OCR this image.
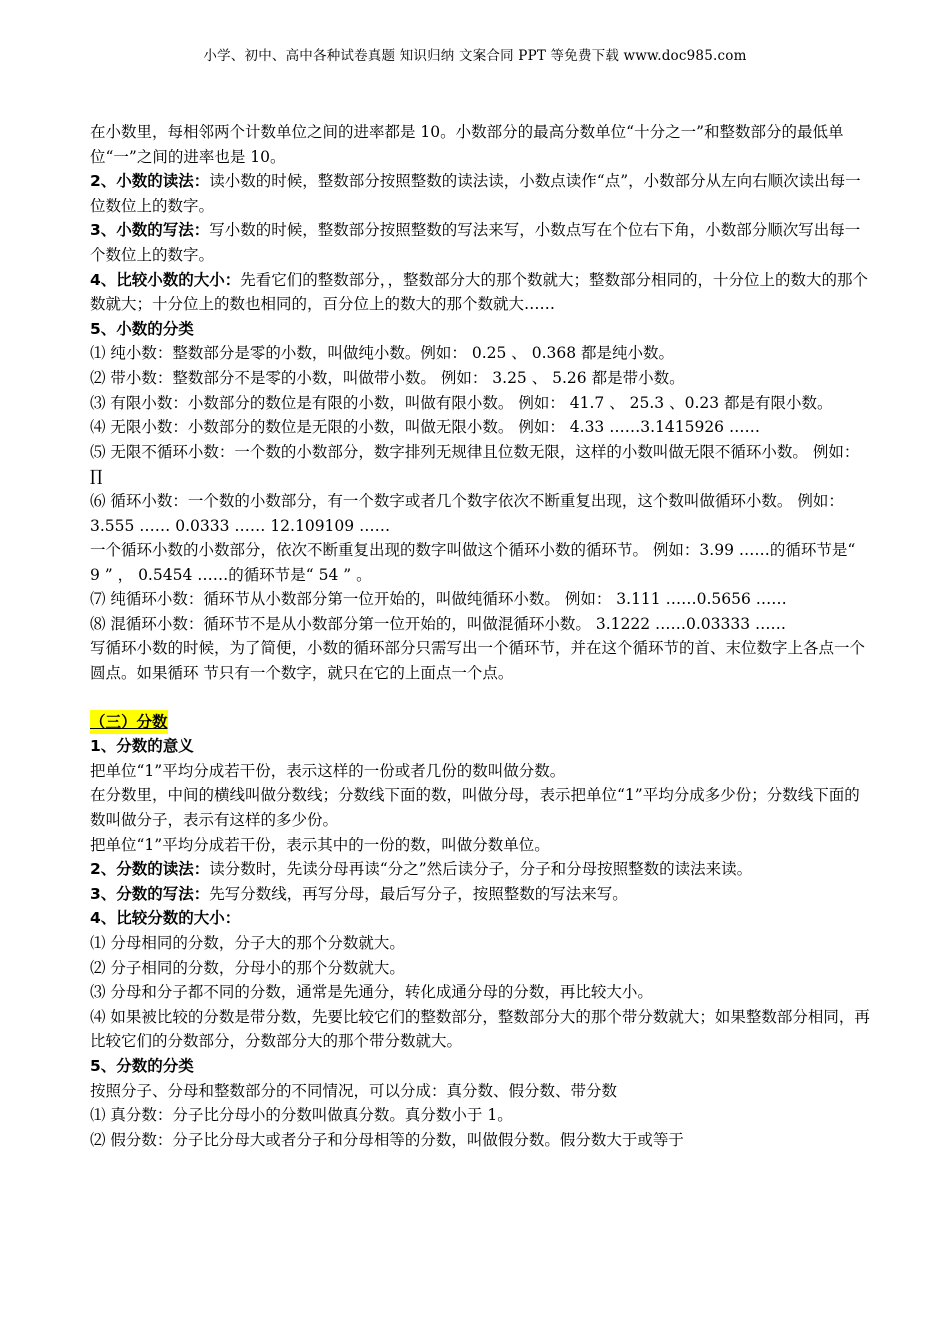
小学、初中、高中各种试卷真题 知识归纳 文案合同 PPT 等免费下载 www.doc985.com

在小数里，每相邻两个计数单位之间的进率都是 10。小数部分的最高分数单位“十分之一”和整数部分的最低单位“一”之间的进率也是 10。

2、小数的读法：读小数的时候，整数部分按照整数的读法读，小数点读作“点”，小数部分从左向右顺次读出每一位数位上的数字。

3、小数的写法：写小数的时候，整数部分按照整数的写法来写，小数点写在个位右下角，小数部分顺次写出每一个数位上的数字。

4、比较小数的大小：先看它们的整数部分，，整数部分大的那个数就大；整数部分相同的，十分位上的数大的那个数就大；十分位上的数也相同的，百分位上的数大的那个数就大……

5、小数的分类

⑴ 纯小数：整数部分是零的小数，叫做纯小数。例如： 0.25 、 0.368 都是纯小数。

⑵ 带小数：整数部分不是零的小数，叫做带小数。 例如： 3.25 、 5.26 都是带小数。

⑶ 有限小数：小数部分的数位是有限的小数，叫做有限小数。 例如： 41.7 、 25.3 、0.23 都是有限小数。

⑷ 无限小数：小数部分的数位是无限的小数，叫做无限小数。 例如： 4.33 ……3.1415926 ……

⑸ 无限不循环小数：一个数的小数部分，数字排列无规律且位数无限，这样的小数叫做无限不循环小数。 例如：∏

⑹ 循环小数：一个数的小数部分，有一个数字或者几个数字依次不断重复出现，这个数叫做循环小数。 例如： 3.555 …… 0.0333 …… 12.109109 ……

一个循环小数的小数部分，依次不断重复出现的数字叫做这个循环小数的循环节。 例如：3.99 ……的循环节是“ 9 ” ， 0.5454 ……的循环节是“ 54 ” 。

⑺ 纯循环小数：循环节从小数部分第一位开始的，叫做纯循环小数。 例如： 3.111 ……0.5656 ……

⑻ 混循环小数：循环节不是从小数部分第一位开始的，叫做混循环小数。 3.1222 ……0.03333 ……

写循环小数的时候，为了简便，小数的循环部分只需写出一个循环节，并在这个循环节的首、末位数字上各点一个圆点。如果循环 节只有一个数字，就只在它的上面点一个点。

（三）分数

1、分数的意义

把单位“1”平均分成若干份，表示这样的一份或者几份的数叫做分数。

在分数里，中间的横线叫做分数线；分数线下面的数，叫做分母，表示把单位“1”平均分成多少份；分数线下面的数叫做分子，表示有这样的多少份。

把单位“1”平均分成若干份，表示其中的一份的数，叫做分数单位。

2、分数的读法：读分数时，先读分母再读“分之”然后读分子，分子和分母按照整数的读法来读。

3、分数的写法：先写分数线，再写分母，最后写分子，按照整数的写法来写。

4、比较分数的大小：

⑴ 分母相同的分数，分子大的那个分数就大。

⑵ 分子相同的分数，分母小的那个分数就大。

⑶ 分母和分子都不同的分数，通常是先通分，转化成通分母的分数，再比较大小。

⑷ 如果被比较的分数是带分数，先要比较它们的整数部分，整数部分大的那个带分数就大；如果整数部分相同，再比较它们的分数部分，分数部分大的那个带分数就大。

5、分数的分类

按照分子、分母和整数部分的不同情况，可以分成：真分数、假分数、带分数

⑴ 真分数：分子比分母小的分数叫做真分数。真分数小于 1。

⑵ 假分数：分子比分母大或者分子和分母相等的分数，叫做假分数。假分数大于或等于
